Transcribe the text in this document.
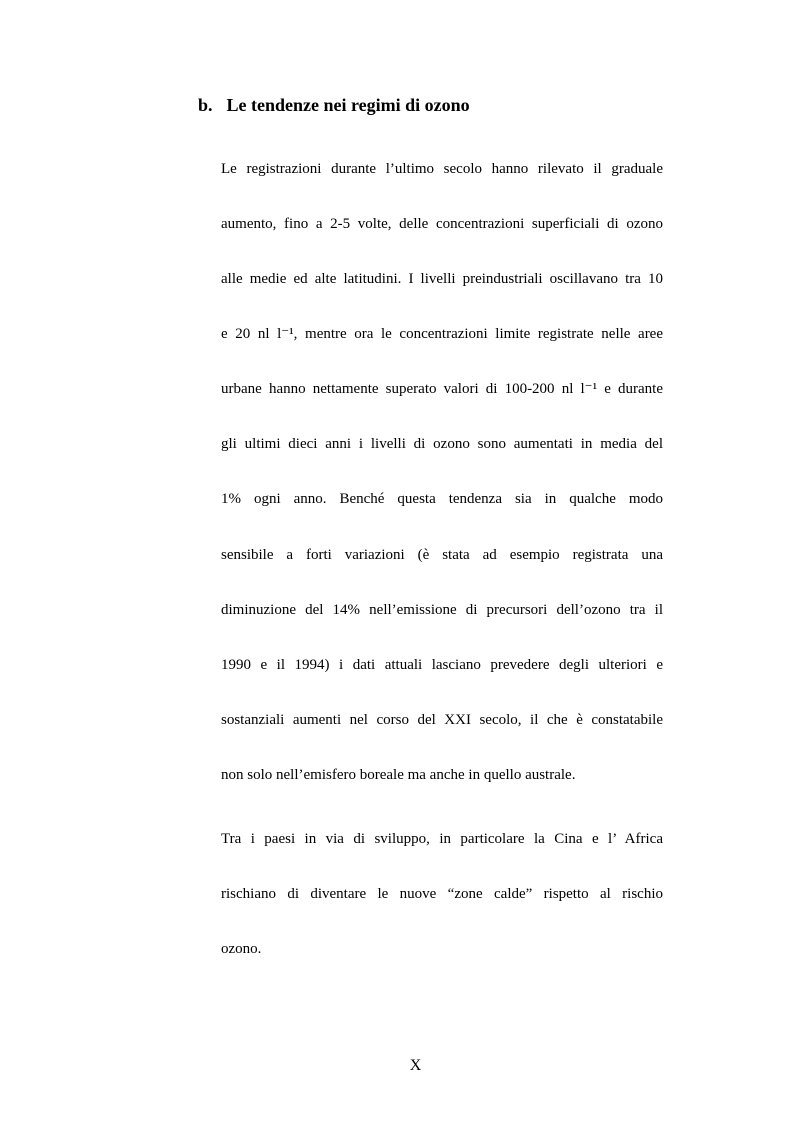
b. Le tendenze nei regimi di ozono
Le registrazioni durante l’ultimo secolo hanno rilevato il graduale
aumento, fino a 2-5 volte, delle concentrazioni superficiali di ozono
alle medie ed alte latitudini. I livelli preindustriali oscillavano tra 10
e 20 nl l⁻¹, mentre ora le concentrazioni limite registrate nelle aree
urbane hanno nettamente superato valori di 100-200 nl l⁻¹ e durante
gli ultimi dieci anni i livelli di ozono sono aumentati in media del
1% ogni anno. Benché questa tendenza sia in qualche modo
sensibile a forti variazioni (è stata ad esempio registrata una
diminuzione del 14% nell’emissione di precursori dell’ozono tra il
1990 e il 1994) i dati attuali lasciano prevedere degli ulteriori e
sostanziali aumenti nel corso del XXI secolo, il che è constatabile
non solo nell’emisfero boreale ma anche in quello australe.
Tra i paesi in via di sviluppo, in particolare la Cina e l’ Africa
rischiano di diventare le nuove “zone calde” rispetto al rischio
ozono.
X
